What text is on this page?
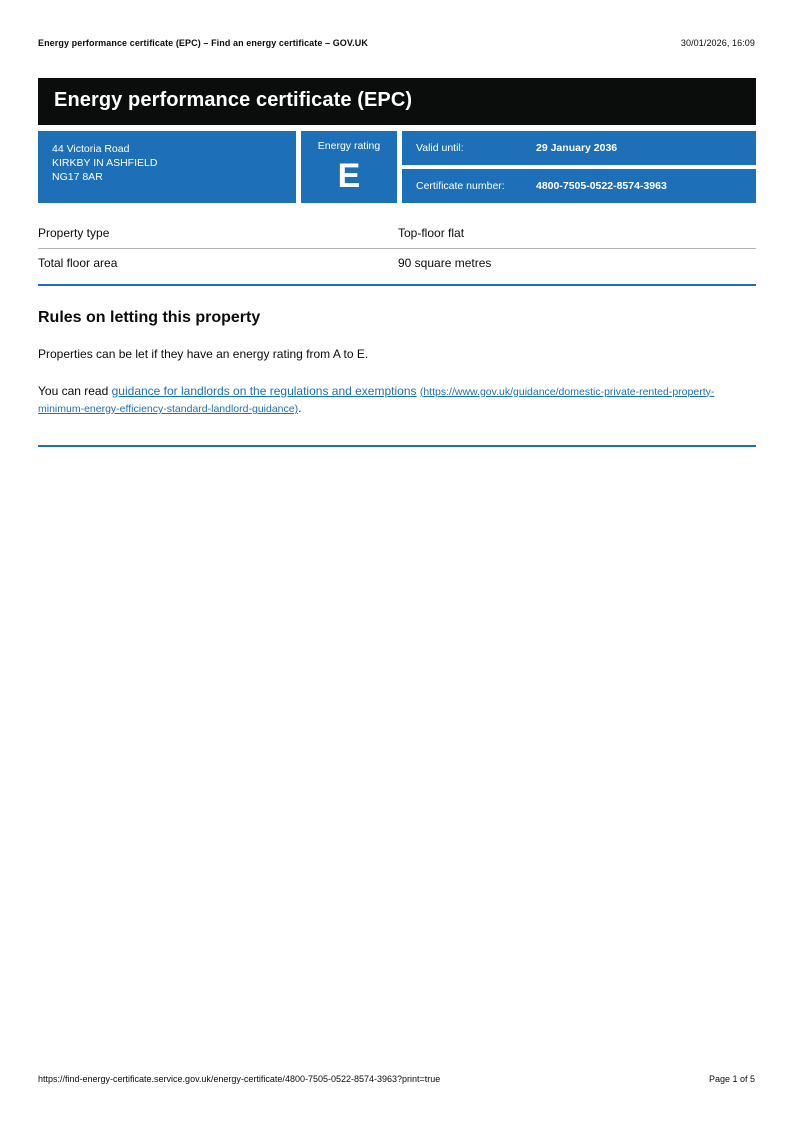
Energy performance certificate (EPC) – Find an energy certificate – GOV.UK	30/01/2026, 16:09
Energy performance certificate (EPC)
44 Victoria Road
KIRKBY IN ASHFIELD
NG17 8AR
Energy rating
E
Valid until:	29 January 2036
Certificate number:	4800-7505-0522-8574-3963
Property type	Top-floor flat
Total floor area	90 square metres
Rules on letting this property

Properties can be let if they have an energy rating from A to E.

You can read guidance for landlords on the regulations and exemptions (https://www.gov.uk/guidance/domestic-private-rented-property-minimum-energy-efficiency-standard-landlord-guidance).

https://find-energy-certificate.service.gov.uk/energy-certificate/4800-7505-0522-8574-3963?print=true	Page 1 of 5
